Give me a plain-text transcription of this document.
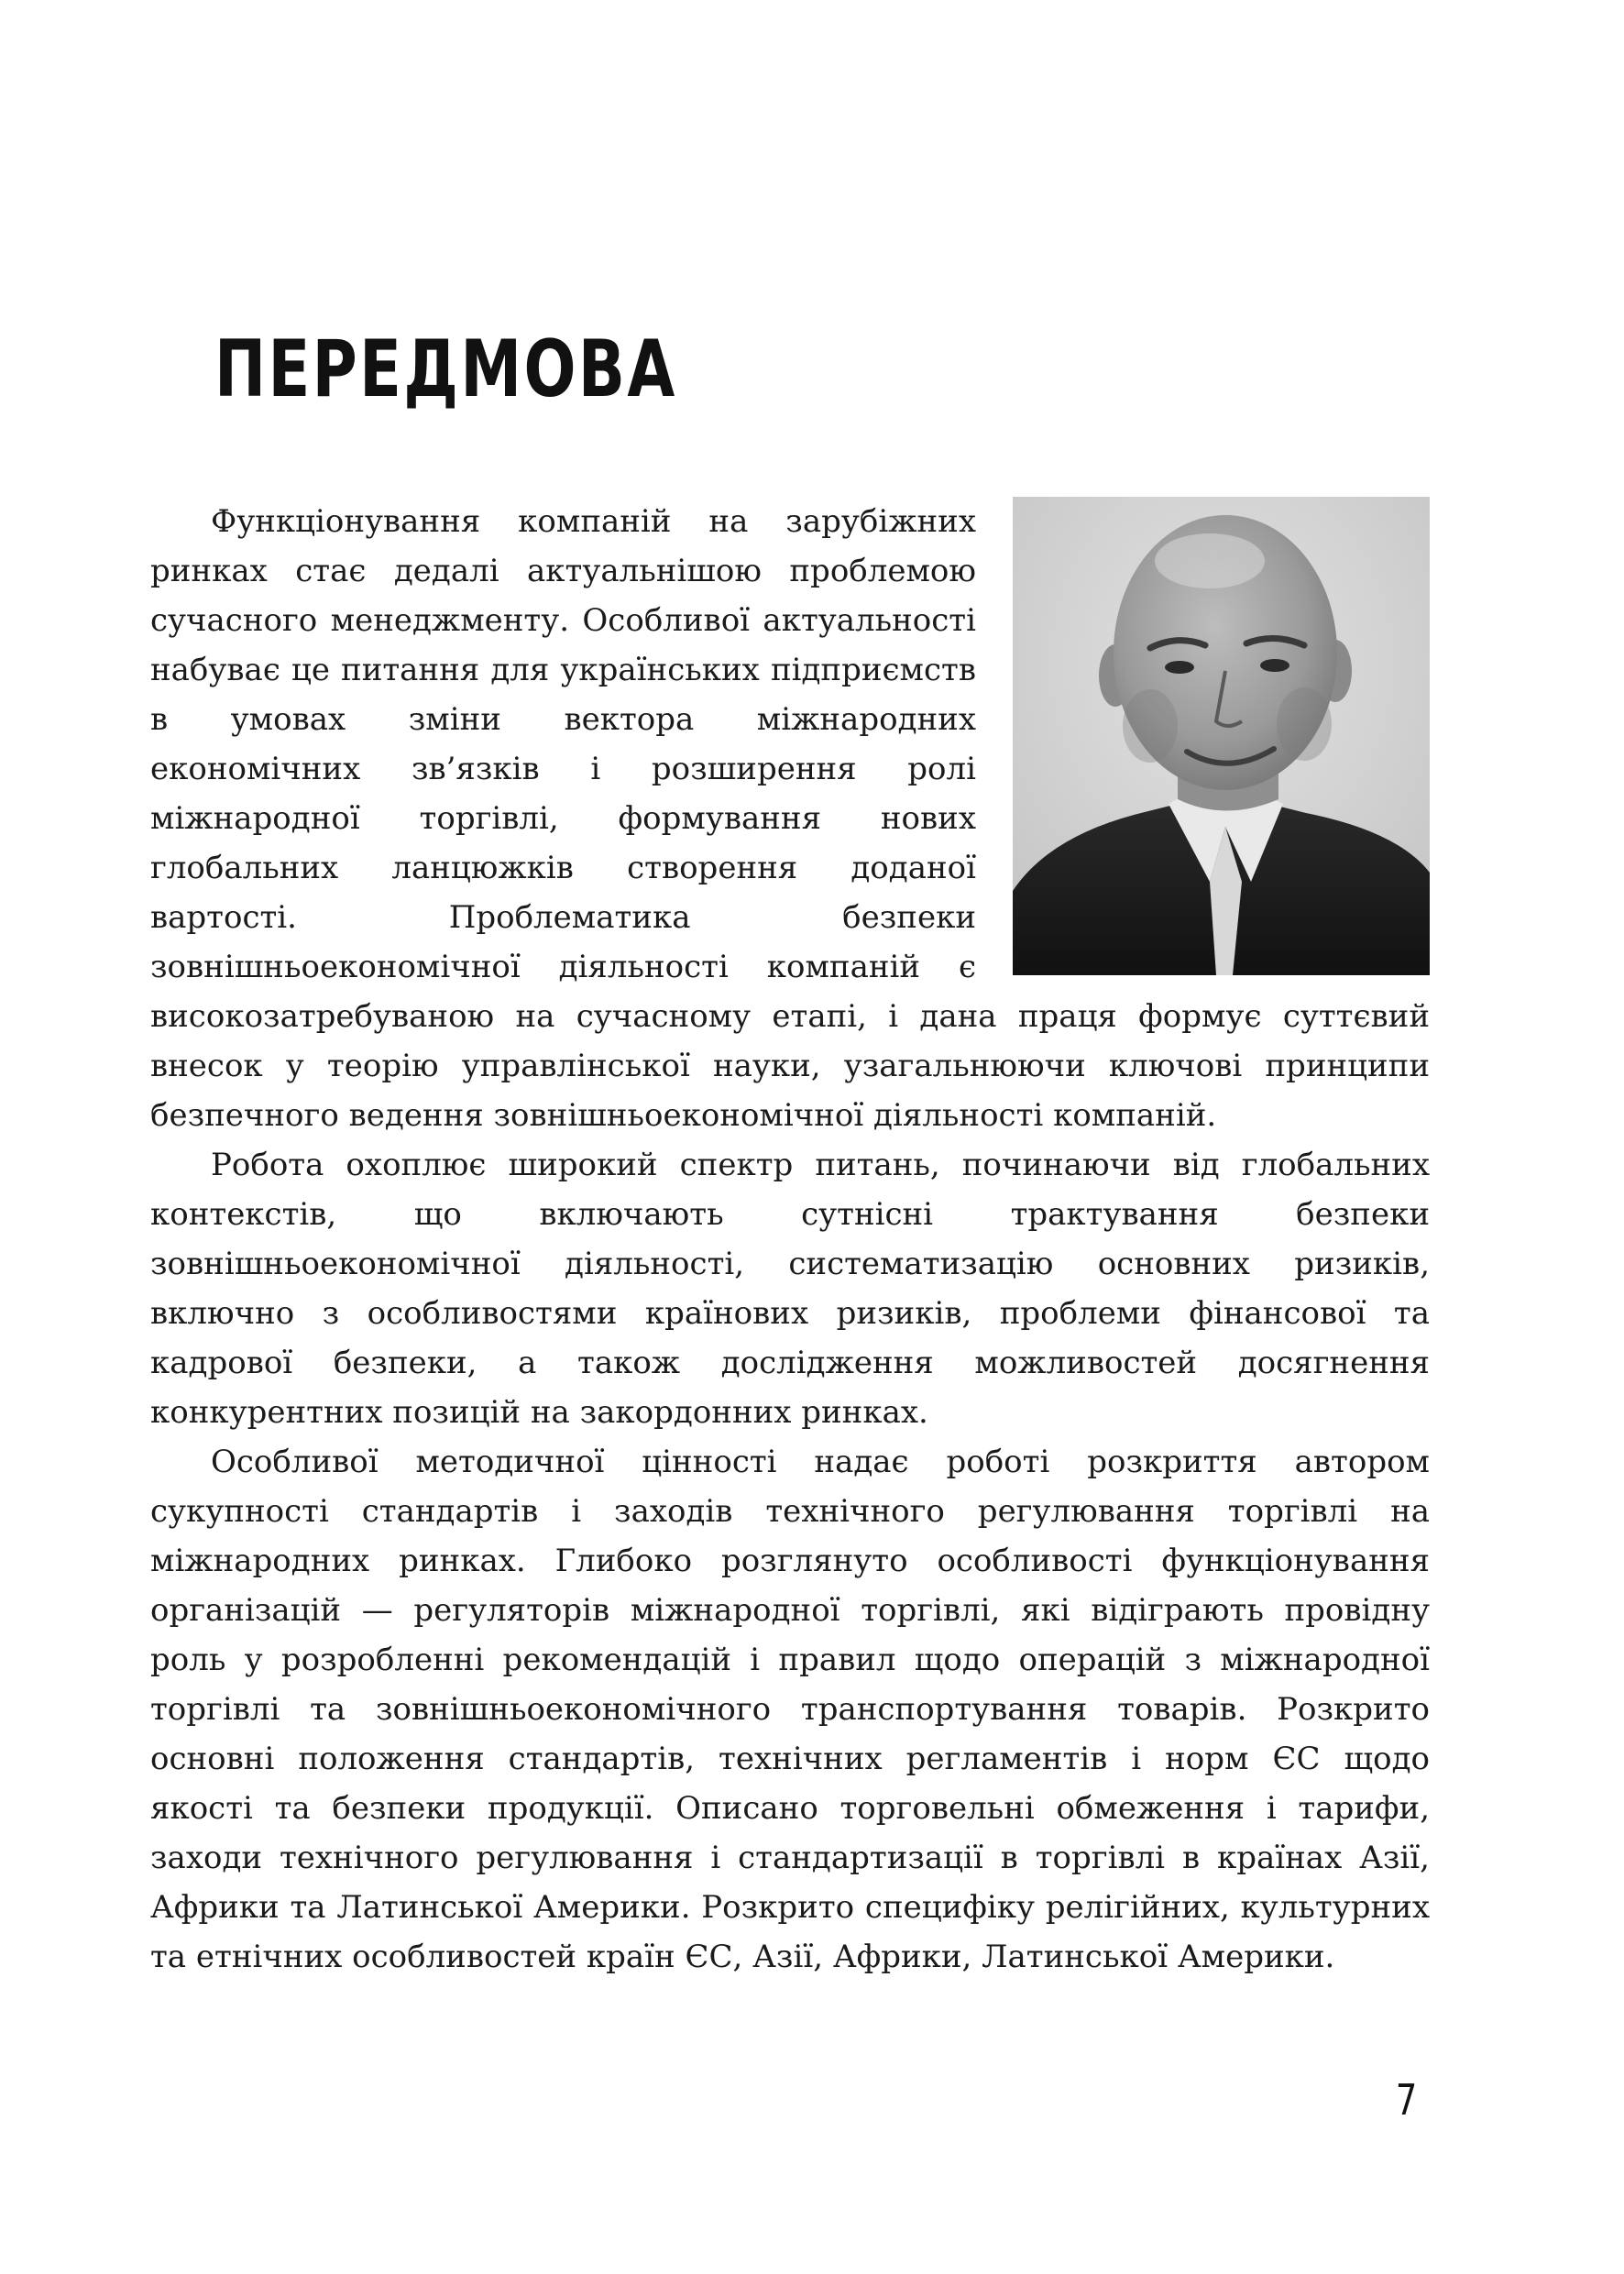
ПЕРЕДМОВА

Функціонування компаній на зарубіжних ринках стає дедалі актуальнішою проблемою сучасного менеджменту. Особливої актуальності набуває це питання для українських підприємств в умовах зміни вектора міжнародних економічних зв’язків і розширення ролі міжнародної торгівлі, формування нових глобальних ланцюжків створення доданої вартості. Проблематика безпеки зовнішньоекономічної діяльності компаній є високозатребуваною на сучасному етапі, і дана праця формує суттєвий внесок у теорію управлінської науки, узагальнюючи ключові принципи безпечного ведення зовнішньоекономічної діяльності компаній.

Робота охоплює широкий спектр питань, починаючи від глобальних контекстів, що включають сутнісні трактування безпеки зовнішньоекономічної діяльності, систематизацію основних ризиків, включно з особливостями країнових ризиків, проблеми фінансової та кадрової безпеки, а також дослідження можливостей досягнення конкурентних позицій на закордонних ринках.

Особливої методичної цінності надає роботі розкриття автором сукупності стандартів і заходів технічного регулювання торгівлі на міжнародних ринках. Глибоко розглянуто особливості функціонування організацій — регуляторів міжнародної торгівлі, які відіграють провідну роль у розробленні рекомендацій і правил щодо операцій з міжнародної торгівлі та зовнішньоекономічного транспортування товарів. Розкрито основні положення стандартів, технічних регламентів і норм ЄС щодо якості та безпеки продукції. Описано торговельні обмеження і тарифи, заходи технічного регулювання і стандартизації в торгівлі в країнах Азії, Африки та Латинської Америки. Розкрито специфіку релігійних, культурних та етнічних особливостей країн ЄС, Азії, Африки, Латинської Америки.

7
